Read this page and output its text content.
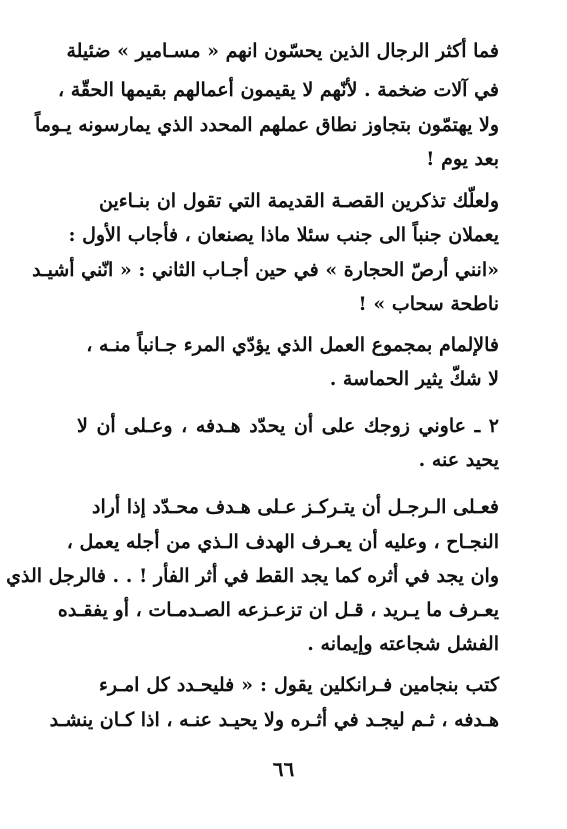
فما أكثر الرجال الذين يحسّون انهم « مسـامير » ضئيلة
في آلات ضخمة . لأنّهم لا يقيمون أعمالهم بقيمها الحقّة ،
ولا يهتمّون بتجاوز نطاق عملهم المحدد الذي يمارسونه يـوماً
بعد يوم !
ولعلّك تذكرين القصـة القديمة التي تقول ان بنـاءين
يعملان جنباً الى جنب سئلا ماذا يصنعان ، فأجاب الأول :
«انني أرصّ الحجارة » في حين أجـاب الثاني : « انّني أشيـد
ناطحة سحاب » !
فالإلمام بمجموع العمل الذي يؤدّي المرء جـانباً منـه ،
لا شكّ يثير الحماسة .
٢ ـ عاوني زوجك على أن يحدّد هـدفه ، وعـلى أن لا
يحيد عنه .
فعـلى الـرجـل أن يتـركـز عـلى هـدف محـدّد إذا أراد
النجـاح ، وعليه أن يعـرف الهدف الـذي من أجله يعمل ،
وان يجد في أثره كما يجد القط في أثر الفأر ! . . فالرجل الذي
يعـرف ما يـريد ، قـل ان تزعـزعه الصـدمـات ، أو يفقـده
الفشل شجاعته وإيمانه .
كتب بنجامين فـرانكلين يقول : « فليحـدد كل امـرء
هـدفه ، ثـم ليجـد في أثـره ولا يحيـد عنـه ، اذا كـان ينشـد
٦٦
